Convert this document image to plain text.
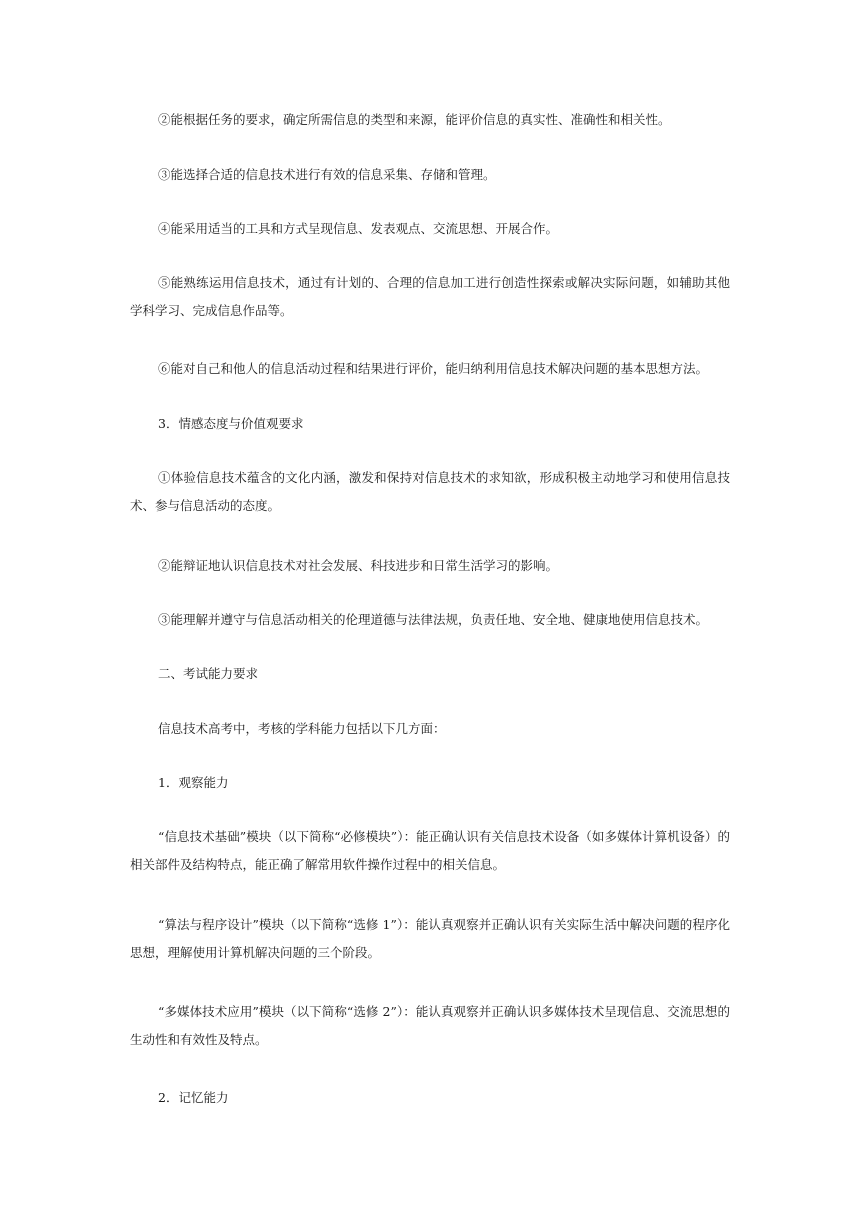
②能根据任务的要求，确定所需信息的类型和来源，能评价信息的真实性、准确性和相关性。

③能选择合适的信息技术进行有效的信息采集、存储和管理。

④能采用适当的工具和方式呈现信息、发表观点、交流思想、开展合作。

⑤能熟练运用信息技术，通过有计划的、合理的信息加工进行创造性探索或解决实际问题，如辅助其他学科学习、完成信息作品等。

⑥能对自己和他人的信息活动过程和结果进行评价，能归纳利用信息技术解决问题的基本思想方法。

3．情感态度与价值观要求

①体验信息技术蕴含的文化内涵，激发和保持对信息技术的求知欲，形成积极主动地学习和使用信息技术、参与信息活动的态度。

②能辩证地认识信息技术对社会发展、科技进步和日常生活学习的影响。

③能理解并遵守与信息活动相关的伦理道德与法律法规，负责任地、安全地、健康地使用信息技术。

二、考试能力要求

信息技术高考中，考核的学科能力包括以下几方面：

1．观察能力

“信息技术基础”模块（以下简称“必修模块”）：能正确认识有关信息技术设备（如多媒体计算机设备）的相关部件及结构特点，能正确了解常用软件操作过程中的相关信息。

“算法与程序设计”模块（以下简称“选修 1”）：能认真观察并正确认识有关实际生活中解决问题的程序化思想，理解使用计算机解决问题的三个阶段。

“多媒体技术应用”模块（以下简称“选修 2”）：能认真观察并正确认识多媒体技术呈现信息、交流思想的生动性和有效性及特点。

2．记忆能力
